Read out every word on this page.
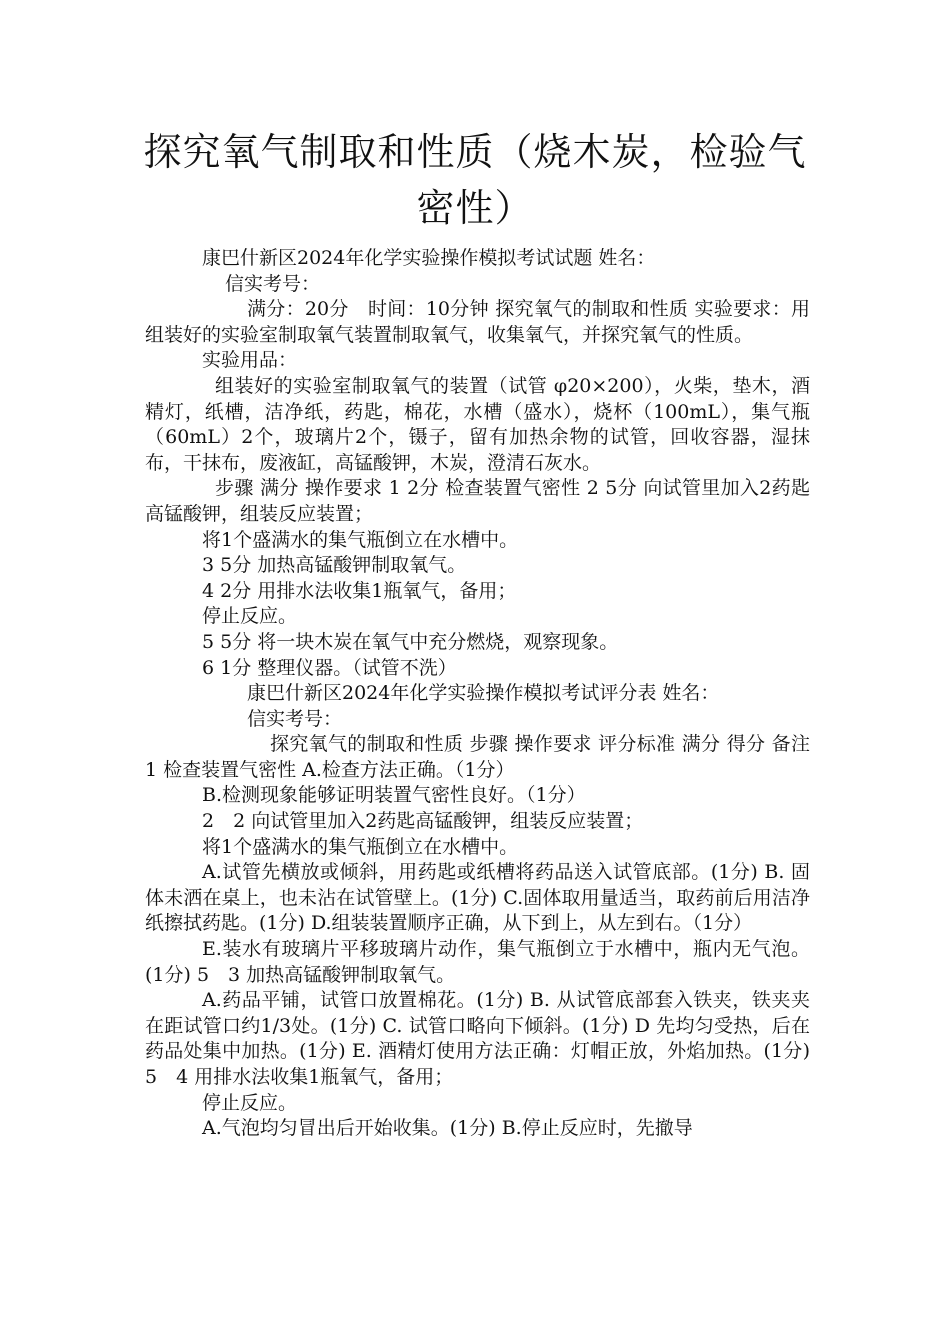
探究氧气制取和性质（烧木炭，检验气密性）

康巴什新区2024年化学实验操作模拟考试试题 姓名：

信实考号：

满分：20分　时间：10分钟 探究氧气的制取和性质 实验要求：用组装好的实验室制取氧气装置制取氧气，收集氧气，并探究氧气的性质。

实验用品：

组装好的实验室制取氧气的装置（试管 φ20×200），火柴，垫木，酒精灯，纸槽，洁净纸，药匙，棉花，水槽（盛水），烧杯（100mL），集气瓶（60mL）2个，玻璃片2个，镊子，留有加热余物的试管，回收容器，湿抹布，干抹布，废液缸，高锰酸钾，木炭，澄清石灰水。

步骤 满分 操作要求 1 2分 检查装置气密性 2 5分 向试管里加入2药匙高锰酸钾，组装反应装置；

将1个盛满水的集气瓶倒立在水槽中。

3 5分 加热高锰酸钾制取氧气。

4 2分 用排水法收集1瓶氧气，备用；

停止反应。

5 5分 将一块木炭在氧气中充分燃烧，观察现象。

6 1分 整理仪器。（试管不洗）

康巴什新区2024年化学实验操作模拟考试评分表 姓名：

信实考号：

探究氧气的制取和性质 步骤 操作要求 评分标准 满分 得分 备注 1 检查装置气密性 A.检查方法正确。（1分）

B.检测现象能够证明装置气密性良好。（1分）

2　2 向试管里加入2药匙高锰酸钾，组装反应装置；

将1个盛满水的集气瓶倒立在水槽中。

A.试管先横放或倾斜，用药匙或纸槽将药品送入试管底部。(1分) B. 固体未洒在桌上，也未沾在试管壁上。(1分) C.固体取用量适当，取药前后用洁净纸擦拭药匙。(1分) D.组装装置顺序正确，从下到上，从左到右。（1分）

E.装水有玻璃片平移玻璃片动作，集气瓶倒立于水槽中，瓶内无气泡。(1分) 5　3 加热高锰酸钾制取氧气。

A.药品平铺，试管口放置棉花。(1分) B. 从试管底部套入铁夹，铁夹夹在距试管口约1/3处。(1分) C. 试管口略向下倾斜。(1分) D 先均匀受热，后在药品处集中加热。(1分) E. 酒精灯使用方法正确：灯帽正放，外焰加热。(1分) 5　4 用排水法收集1瓶氧气，备用；

停止反应。

A.气泡均匀冒出后开始收集。(1分) B.停止反应时，先撤导
